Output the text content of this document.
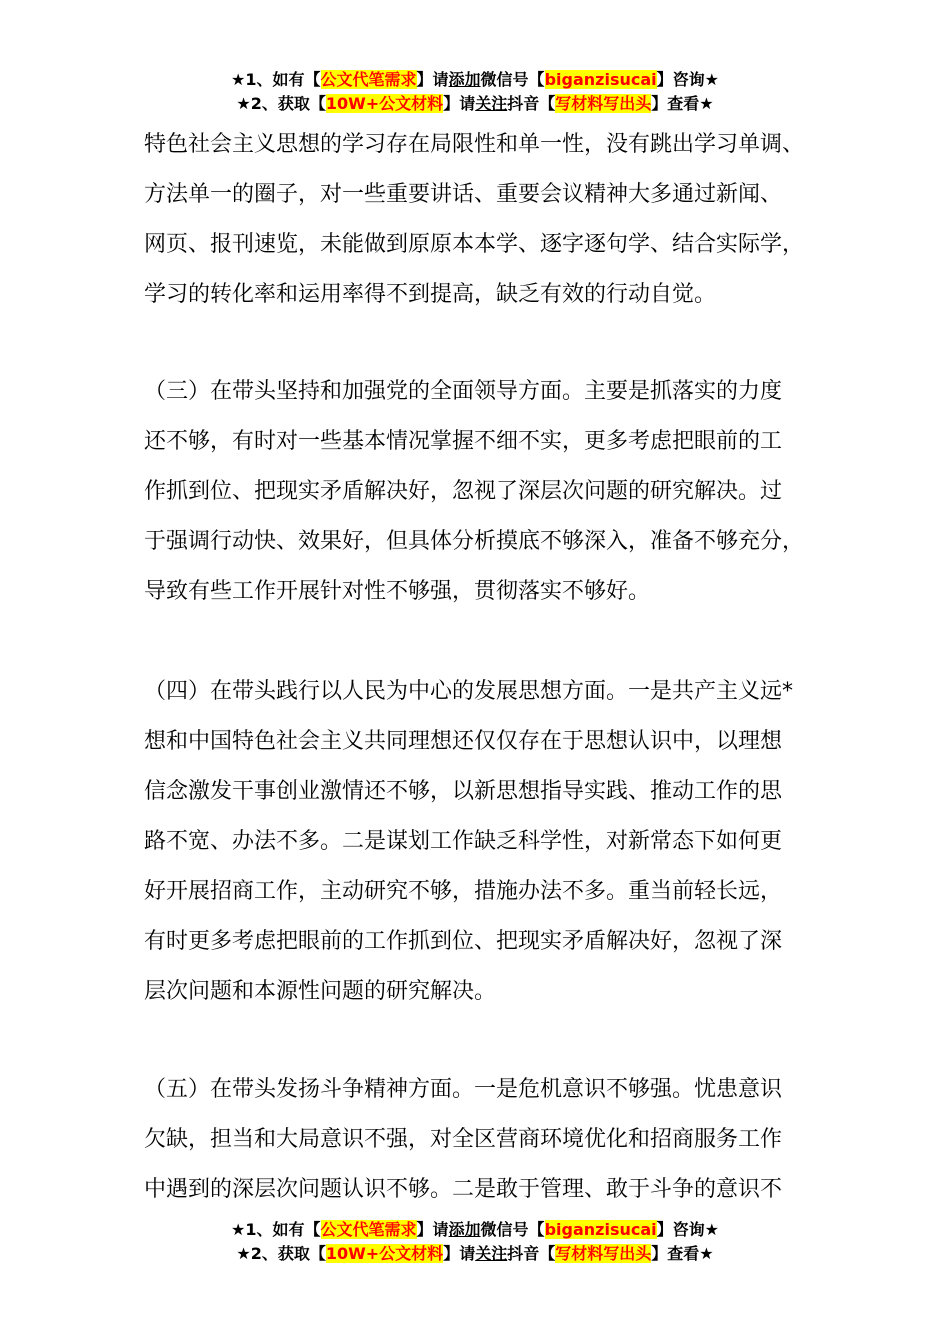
★1、如有【公文代笔需求】请添加微信号【biganzisucai】咨询★
★2、获取【10W+公文材料】请关注抖音【写材料写出头】查看★
特色社会主义思想的学习存在局限性和单一性，没有跳出学习单调、
方法单一的圈子，对一些重要讲话、重要会议精神大多通过新闻、
网页、报刊速览，未能做到原原本本学、逐字逐句学、结合实际学，
学习的转化率和运用率得不到提高，缺乏有效的行动自觉。
（三）在带头坚持和加强党的全面领导方面。主要是抓落实的力度
还不够，有时对一些基本情况掌握不细不实，更多考虑把眼前的工
作抓到位、把现实矛盾解决好，忽视了深层次问题的研究解决。过
于强调行动快、效果好，但具体分析摸底不够深入，准备不够充分，
导致有些工作开展针对性不够强，贯彻落实不够好。
（四）在带头践行以人民为中心的发展思想方面。一是共产主义远*
想和中国特色社会主义共同理想还仅仅存在于思想认识中，以理想
信念激发干事创业激情还不够，以新思想指导实践、推动工作的思
路不宽、办法不多。二是谋划工作缺乏科学性，对新常态下如何更
好开展招商工作，主动研究不够，措施办法不多。重当前轻长远，
有时更多考虑把眼前的工作抓到位、把现实矛盾解决好，忽视了深
层次问题和本源性问题的研究解决。
（五）在带头发扬斗争精神方面。一是危机意识不够强。忧患意识
欠缺，担当和大局意识不强，对全区营商环境优化和招商服务工作
中遇到的深层次问题认识不够。二是敢于管理、敢于斗争的意识不
★1、如有【公文代笔需求】请添加微信号【biganzisucai】咨询★
★2、获取【10W+公文材料】请关注抖音【写材料写出头】查看★
